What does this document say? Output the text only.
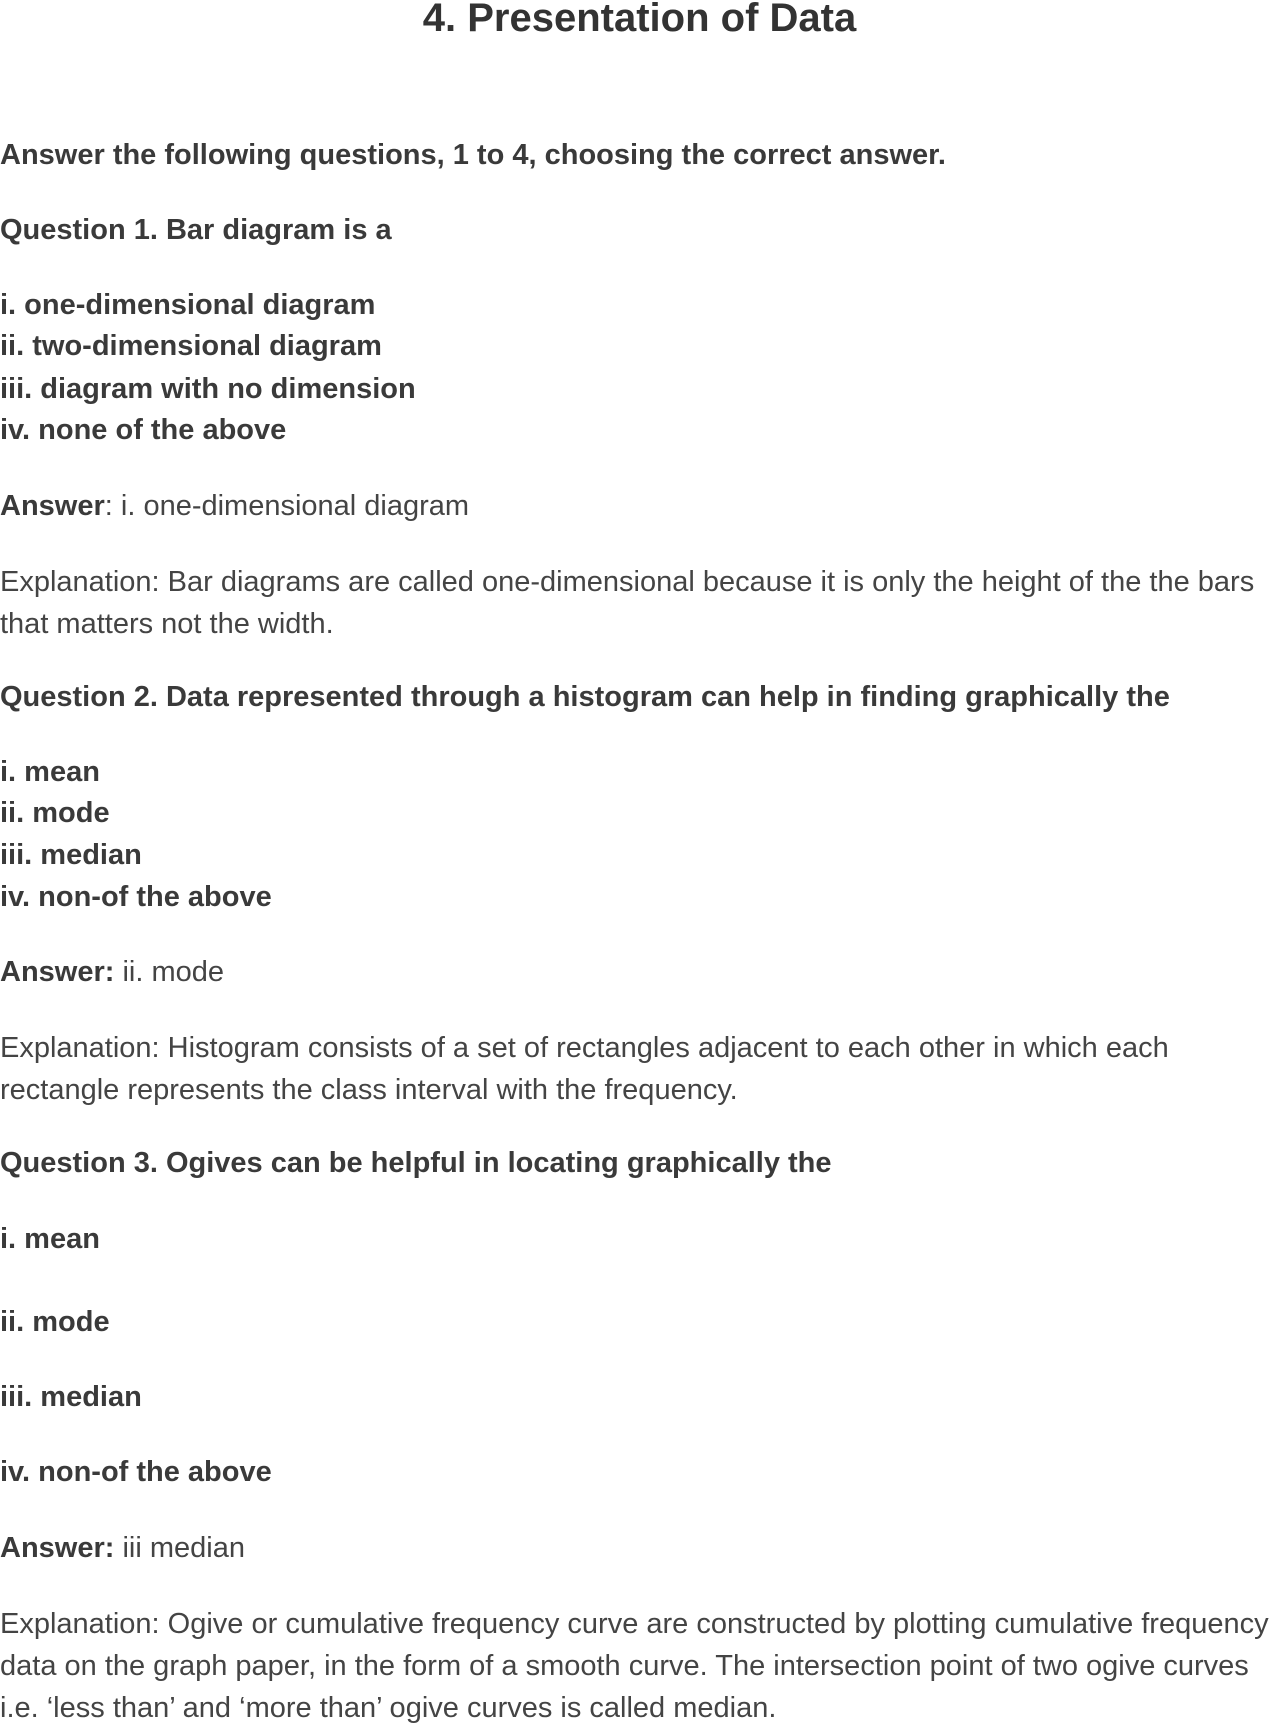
4. Presentation of Data

Answer the following questions, 1 to 4, choosing the correct answer.

Question 1. Bar diagram is a

i. one-dimensional diagram

ii. two-dimensional diagram

iii. diagram with no dimension

iv. none of the above

Answer: i. one-dimensional diagram

Explanation: Bar diagrams are called one-dimensional because it is only the height of the the bars that matters not the width.

Question 2. Data represented through a histogram can help in finding graphically the

i. mean

ii. mode

iii. median

iv. non-of the above

Answer: ii. mode

Explanation: Histogram consists of a set of rectangles adjacent to each other in which each rectangle represents the class interval with the frequency.

Question 3. Ogives can be helpful in locating graphically the

i. mean

ii. mode

iii. median

iv. non-of the above

Answer: iii median

Explanation: Ogive or cumulative frequency curve are constructed by plotting cumulative frequency data on the graph paper, in the form of a smooth curve. The intersection point of two ogive curves i.e. ‘less than’ and ‘more than’ ogive curves is called median.
